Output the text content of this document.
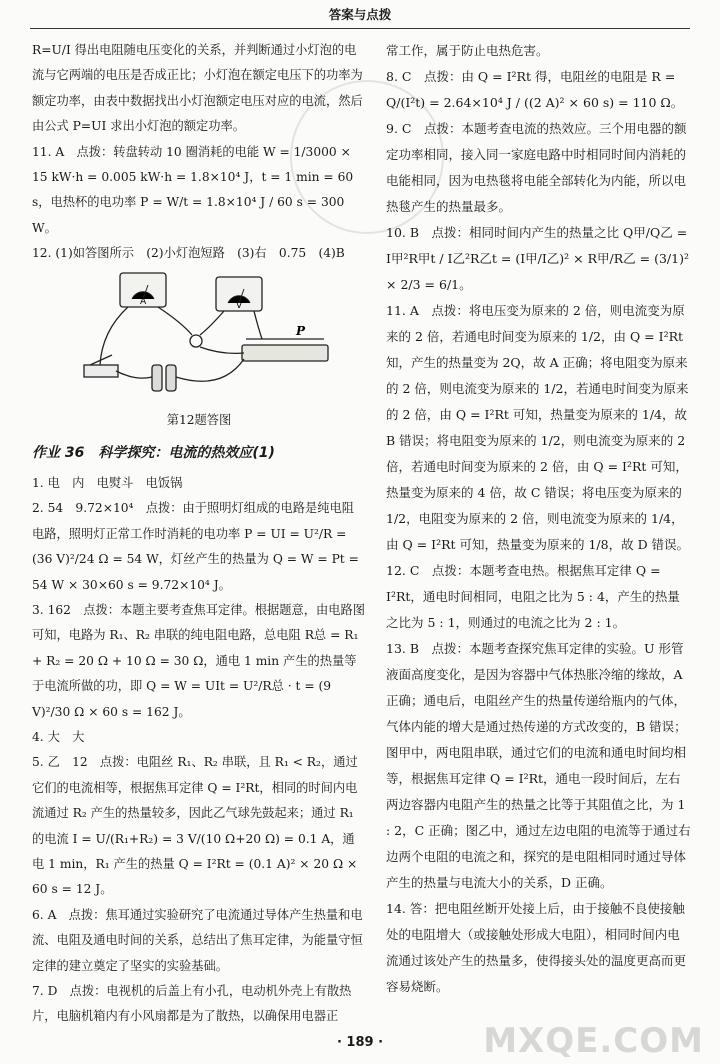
答案与点拨

R=U/I 得出电阻随电压变化的关系，并判断通过小灯泡的电流与它两端的电压是否成正比；小灯泡在额定电压下的功率为额定功率，由表中数据找出小灯泡额定电压对应的电流，然后由公式 P=UI 求出小灯泡的额定功率。

11. A　点拨：转盘转动 10 圈消耗的电能 W = 1/3000 × 15 kW·h = 0.005 kW·h = 1.8×10⁴ J，t = 1 min = 60 s，电热杯的电功率 P = W/t = 1.8×10⁴ J / 60 s = 300 W。

12. (1)如答图所示　(2)小灯泡短路　(3)右　0.75　(4)B

A	V
P

第12题答图

作业 36　科学探究：电流的热效应(1)

1. 电　内　电熨斗　电饭锅

2. 54　9.72×10⁴　点拨：由于照明灯组成的电路是纯电阻电路，照明灯正常工作时消耗的电功率 P = UI = U²/R = (36 V)²/24 Ω = 54 W，灯丝产生的热量为 Q = W = Pt = 54 W × 30×60 s = 9.72×10⁴ J。

3. 162　点拨：本题主要考查焦耳定律。根据题意，由电路图可知，电路为 R₁、R₂ 串联的纯电阻电路，总电阻 R总 = R₁ + R₂ = 20 Ω + 10 Ω = 30 Ω，通电 1 min 产生的热量等于电流所做的功，即 Q = W = UIt = U²/R总 · t = (9 V)²/30 Ω × 60 s = 162 J。

4. 大　大

5. 乙　12　点拨：电阻丝 R₁、R₂ 串联，且 R₁ < R₂，通过它们的电流相等，根据焦耳定律 Q = I²Rt，相同的时间内电流通过 R₂ 产生的热量较多，因此乙气球先鼓起来；通过 R₁ 的电流 I = U/(R₁+R₂) = 3 V/(10 Ω+20 Ω) = 0.1 A，通电 1 min，R₁ 产生的热量 Q = I²Rt = (0.1 A)² × 20 Ω × 60 s = 12 J。

6. A　点拨：焦耳通过实验研究了电流通过导体产生热量和电流、电阻及通电时间的关系，总结出了焦耳定律，为能量守恒定律的建立奠定了坚实的实验基础。

7. D　点拨：电视机的后盖上有小孔，电动机外壳上有散热片，电脑机箱内有小风扇都是为了散热，以确保用电器正

常工作，属于防止电热危害。

8. C　点拨：由 Q = I²Rt 得，电阻丝的电阻是 R = Q/(I²t) = 2.64×10⁴ J / ((2 A)² × 60 s) = 110 Ω。

9. C　点拨：本题考查电流的热效应。三个用电器的额定功率相同，接入同一家庭电路中时相同时间内消耗的电能相同，因为电热毯将电能全部转化为内能，所以电热毯产生的热量最多。

10. B　点拨：相同时间内产生的热量之比 Q甲/Q乙 = I甲²R甲t / I乙²R乙t = (I甲/I乙)² × R甲/R乙 = (3/1)² × 2/3 = 6/1。

11. A　点拨：将电压变为原来的 2 倍，则电流变为原来的 2 倍，若通电时间变为原来的 1/2，由 Q = I²Rt 知，产生的热量变为 2Q，故 A 正确；将电阻变为原来的 2 倍，则电流变为原来的 1/2，若通电时间变为原来的 2 倍，由 Q = I²Rt 可知，热量变为原来的 1/4，故 B 错误；将电阻变为原来的 1/2，则电流变为原来的 2 倍，若通电时间变为原来的 2 倍，由 Q = I²Rt 可知，热量变为原来的 4 倍，故 C 错误；将电压变为原来的 1/2，电阻变为原来的 2 倍，则电流变为原来的 1/4，由 Q = I²Rt 可知，热量变为原来的 1/8，故 D 错误。

12. C　点拨：本题考查电热。根据焦耳定律 Q = I²Rt，通电时间相同，电阻之比为 5 : 4，产生的热量之比为 5 : 1，则通过的电流之比为 2 : 1。

13. B　点拨：本题考查探究焦耳定律的实验。U 形管液面高度变化，是因为容器中气体热胀冷缩的缘故，A 正确；通电后，电阻丝产生的热量传递给瓶内的气体，气体内能的增大是通过热传递的方式改变的，B 错误；图甲中，两电阻串联，通过它们的电流和通电时间均相等，根据焦耳定律 Q = I²Rt，通电一段时间后，左右两边容器内电阻产生的热量之比等于其阻值之比，为 1 : 2，C 正确；图乙中，通过左边电阻的电流等于通过右边两个电阻的电流之和，探究的是电阻相同时通过导体产生的热量与电流大小的关系，D 正确。

14. 答：把电阻丝断开处接上后，由于接触不良使接触处的电阻增大（或接触处形成大电阻），相同时间内电流通过该处产生的热量多，使得接头处的温度更高而更容易烧断。

· 189 ·	MXQE.COM
